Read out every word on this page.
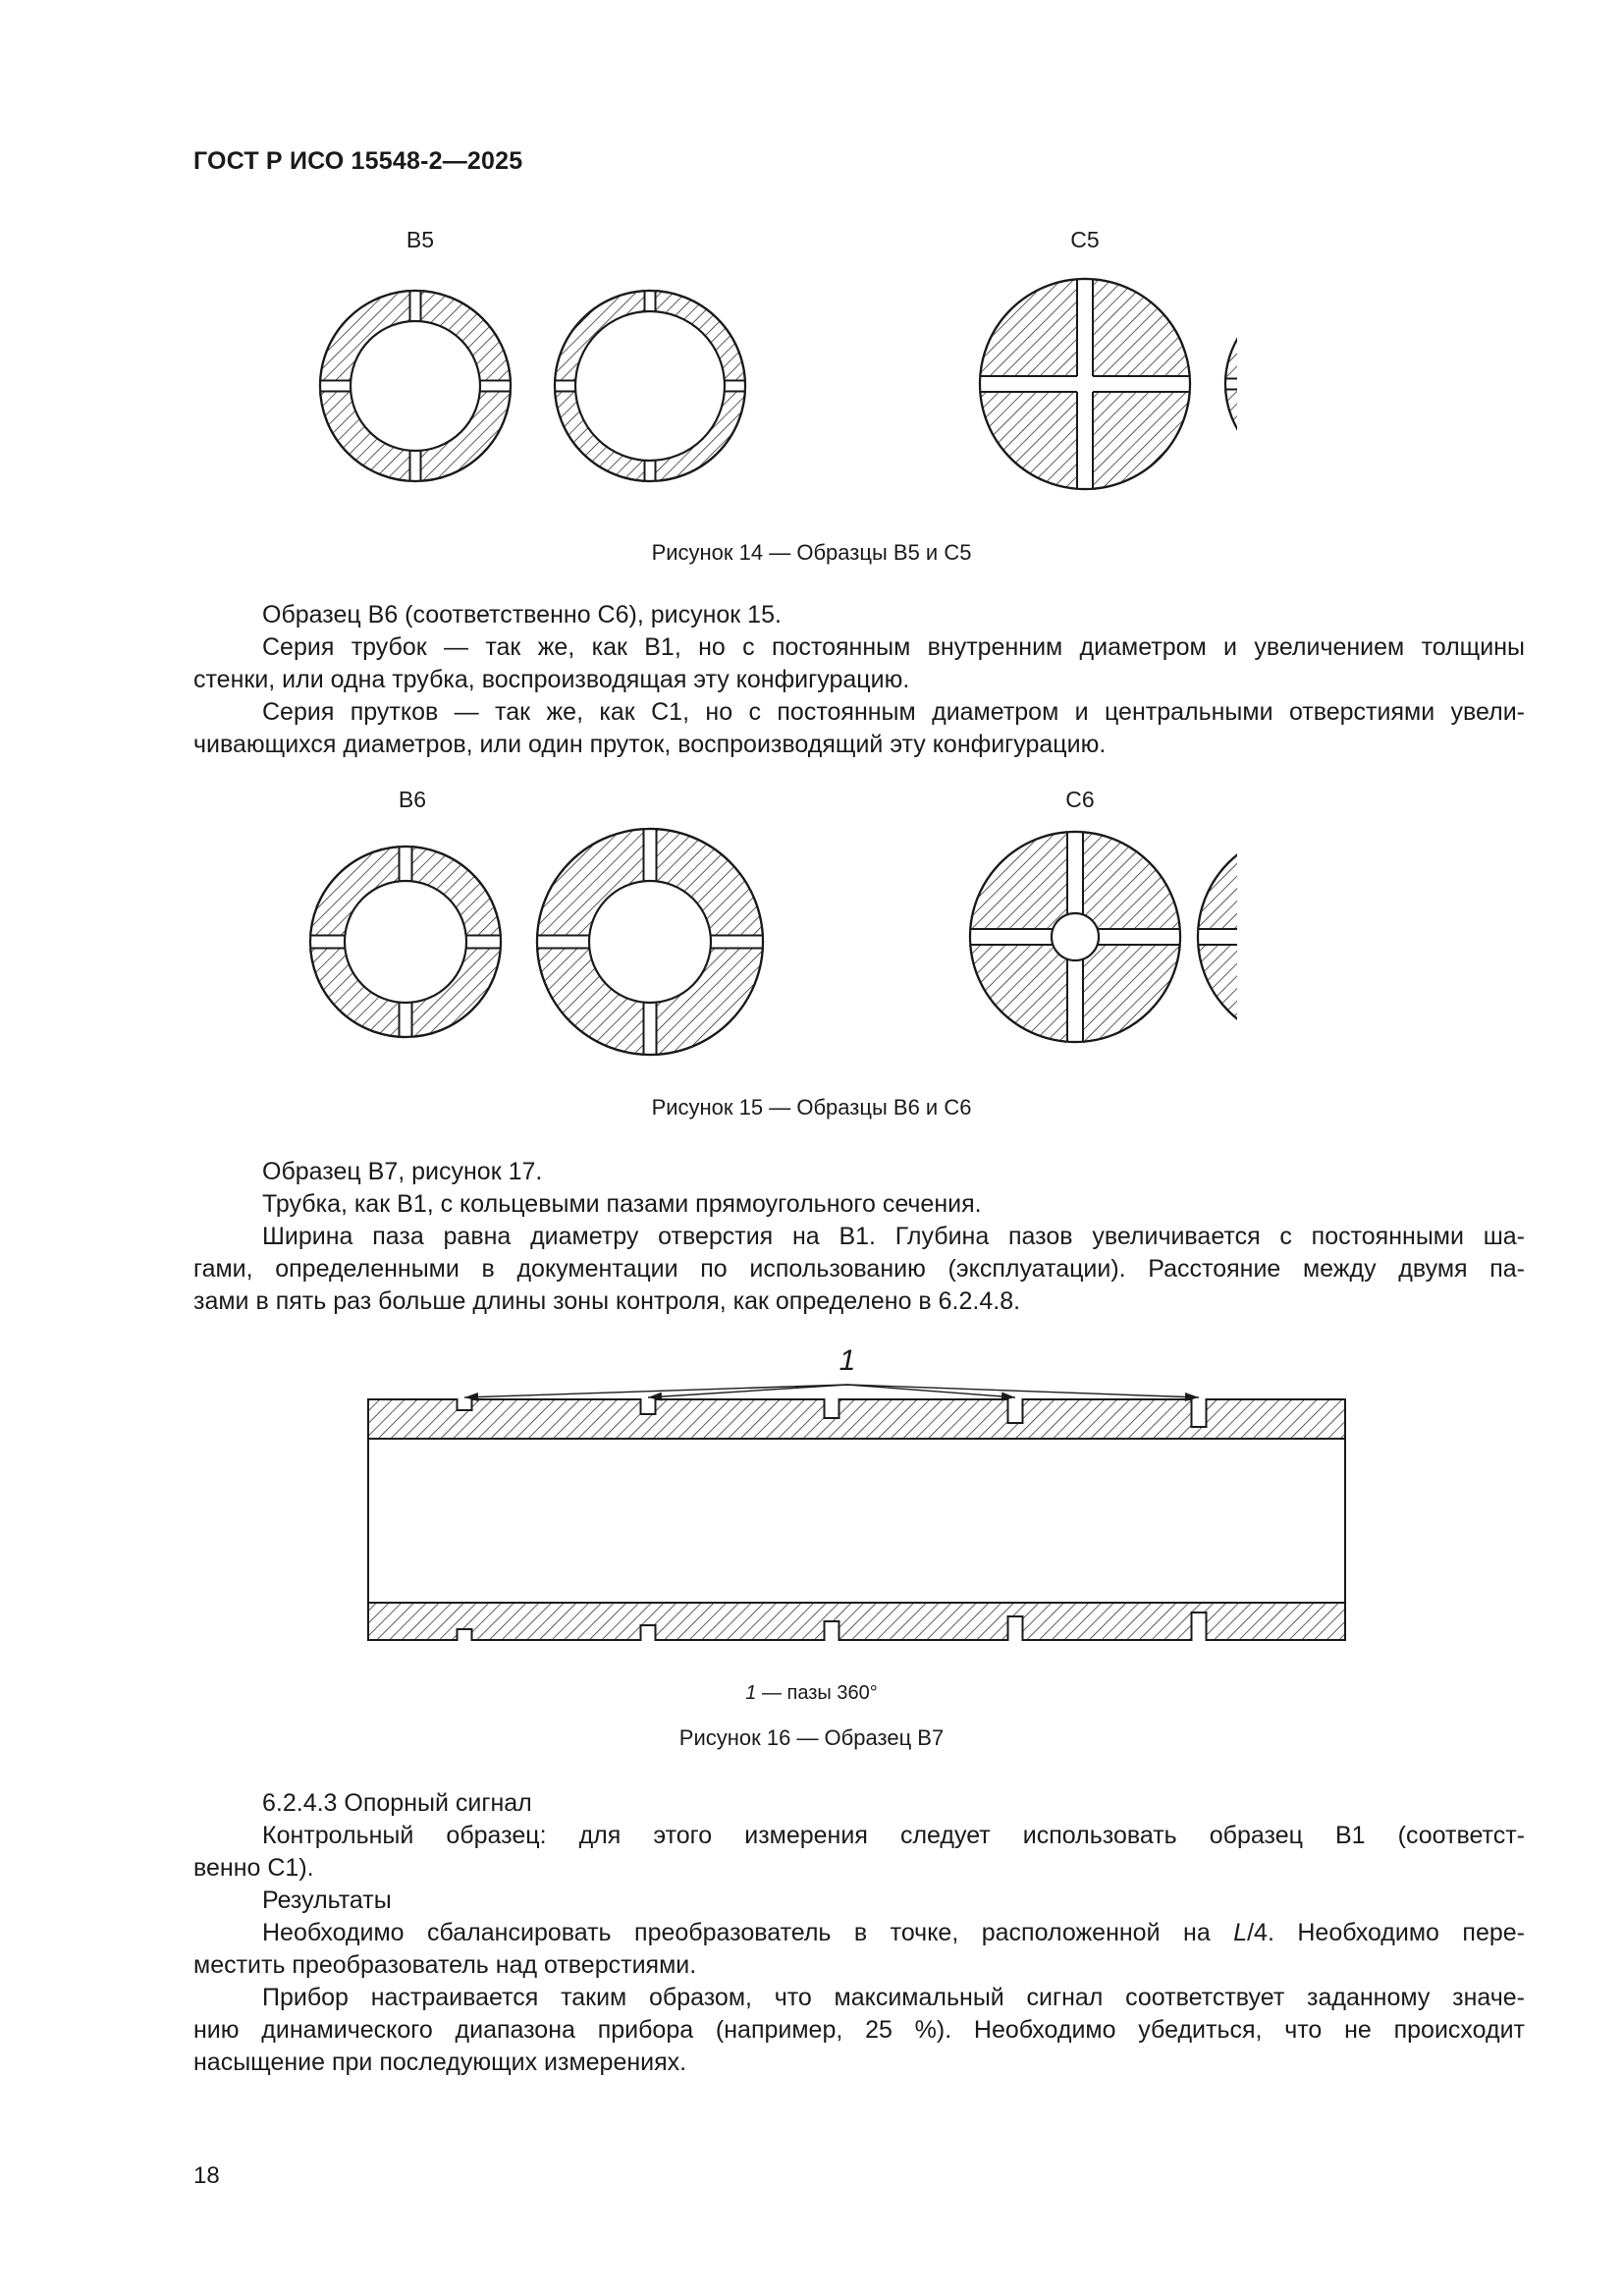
ГОСТ Р ИСО 15548-2—2025
B5	C5
Рисунок 14 — Образцы B5 и C5

Образец B6 (соответственно C6), рисунок 15.

Серия трубок — так же, как B1, но с постоянным внутренним диаметром и увеличением толщины

стенки, или одна трубка, воспроизводящая эту конфигурацию.

Серия прутков — так же, как C1, но с постоянным диаметром и центральными отверстиями увели-

чивающихся диаметров, или один пруток, воспроизводящий эту конфигурацию.

B6	C6
Рисунок 15 — Образцы B6 и C6

Образец B7, рисунок 17.

Трубка, как B1, с кольцевыми пазами прямоугольного сечения.

Ширина паза равна диаметру отверстия на B1. Глубина пазов увеличивается с постоянными ша-

гами, определенными в документации по использованию (эксплуатации). Расстояние между двумя па-

зами в пять раз больше длины зоны контроля, как определено в 6.2.4.8.

1
1 — пазы 360°
Рисунок 16 — Образец B7

6.2.4.3 Опорный сигнал

Контрольный образец: для этого измерения следует использовать образец B1 (соответст-

венно C1).

Результаты

Необходимо сбалансировать преобразователь в точке, расположенной на L/4. Необходимо пере-

местить преобразователь над отверстиями.

Прибор настраивается таким образом, что максимальный сигнал соответствует заданному значе-

нию динамического диапазона прибора (например, 25 %). Необходимо убедиться, что не происходит

насыщение при последующих измерениях.

18
